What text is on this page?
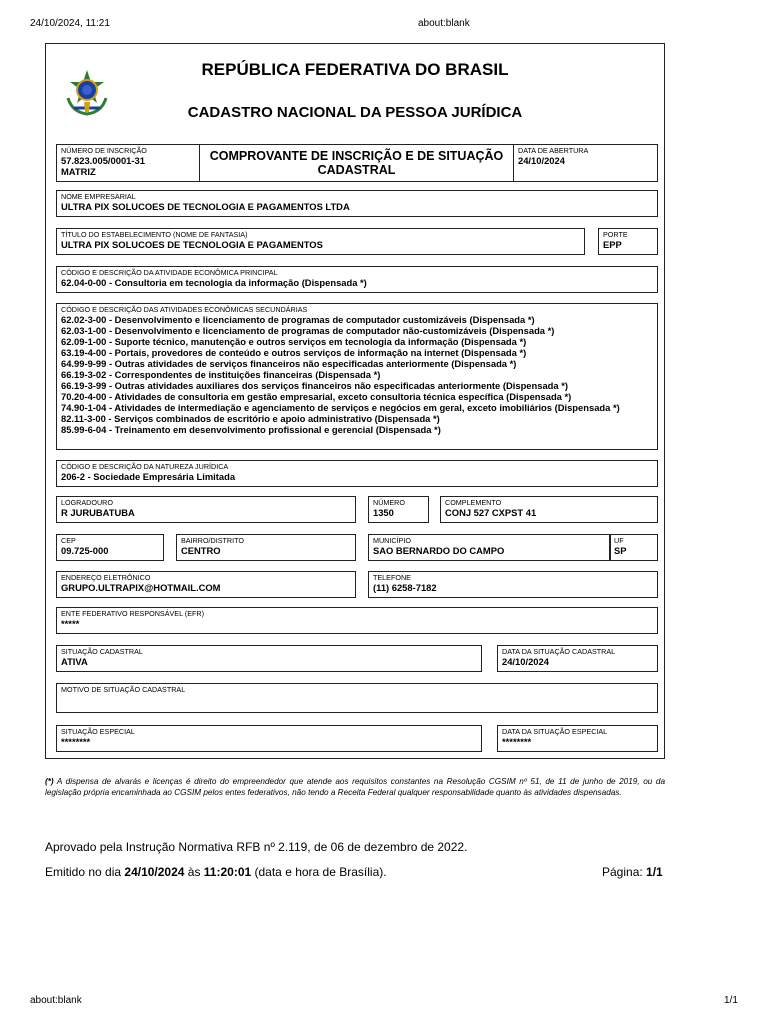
24/10/2024, 11:21	about:blank
about:blank	1/1
REPÚBLICA FEDERATIVA DO BRASIL
CADASTRO NACIONAL DA PESSOA JURÍDICA
NÚMERO DE INSCRIÇÃO
57.823.005/0001-31
MATRIZ
COMPROVANTE DE INSCRIÇÃO E DE SITUAÇÃO CADASTRAL
DATA DE ABERTURA
24/10/2024
NOME EMPRESARIAL
ULTRA PIX SOLUCOES DE TECNOLOGIA E PAGAMENTOS LTDA
TÍTULO DO ESTABELECIMENTO (NOME DE FANTASIA)
ULTRA PIX SOLUCOES DE TECNOLOGIA E PAGAMENTOS
PORTE
EPP
CÓDIGO E DESCRIÇÃO DA ATIVIDADE ECONÔMICA PRINCIPAL
62.04-0-00 - Consultoria em tecnologia da informação (Dispensada *)
CÓDIGO E DESCRIÇÃO DAS ATIVIDADES ECONÔMICAS SECUNDÁRIAS
62.02-3-00 - Desenvolvimento e licenciamento de programas de computador customizáveis (Dispensada *)
62.03-1-00 - Desenvolvimento e licenciamento de programas de computador não-customizáveis (Dispensada *)
62.09-1-00 - Suporte técnico, manutenção e outros serviços em tecnologia da informação (Dispensada *)
63.19-4-00 - Portais, provedores de conteúdo e outros serviços de informação na internet (Dispensada *)
64.99-9-99 - Outras atividades de serviços financeiros não especificadas anteriormente (Dispensada *)
66.19-3-02 - Correspondentes de instituições financeiras (Dispensada *)
66.19-3-99 - Outras atividades auxiliares dos serviços financeiros não especificadas anteriormente (Dispensada *)
70.20-4-00 - Atividades de consultoria em gestão empresarial, exceto consultoria técnica específica (Dispensada *)
74.90-1-04 - Atividades de intermediação e agenciamento de serviços e negócios em geral, exceto imobiliários (Dispensada *)
82.11-3-00 - Serviços combinados de escritório e apoio administrativo (Dispensada *)
85.99-6-04 - Treinamento em desenvolvimento profissional e gerencial (Dispensada *)
CÓDIGO E DESCRIÇÃO DA NATUREZA JURÍDICA
206-2 - Sociedade Empresária Limitada
LOGRADOURO
R JURUBATUBA
NÚMERO
1350
COMPLEMENTO
CONJ 527 CXPST 41
CEP
09.725-000
BAIRRO/DISTRITO
CENTRO
MUNICÍPIO
SAO BERNARDO DO CAMPO
UF
SP
ENDEREÇO ELETRÔNICO
GRUPO.ULTRAPIX@HOTMAIL.COM
TELEFONE
(11) 6258-7182
ENTE FEDERATIVO RESPONSÁVEL (EFR)
*****
SITUAÇÃO CADASTRAL
ATIVA
DATA DA SITUAÇÃO CADASTRAL
24/10/2024
MOTIVO DE SITUAÇÃO CADASTRAL
SITUAÇÃO ESPECIAL
********
DATA DA SITUAÇÃO ESPECIAL
********
(*) A dispensa de alvarás e licenças é direito do empreendedor que atende aos requisitos constantes na Resolução CGSIM nº 51, de 11 de junho de 2019, ou da legislação própria encaminhada ao CGSIM pelos entes federativos, não tendo a Receita Federal qualquer responsabilidade quanto às atividades dispensadas.
Aprovado pela Instrução Normativa RFB nº 2.119, de 06 de dezembro de 2022.
Emitido no dia 24/10/2024 às 11:20:01 (data e hora de Brasília).	Página: 1/1
